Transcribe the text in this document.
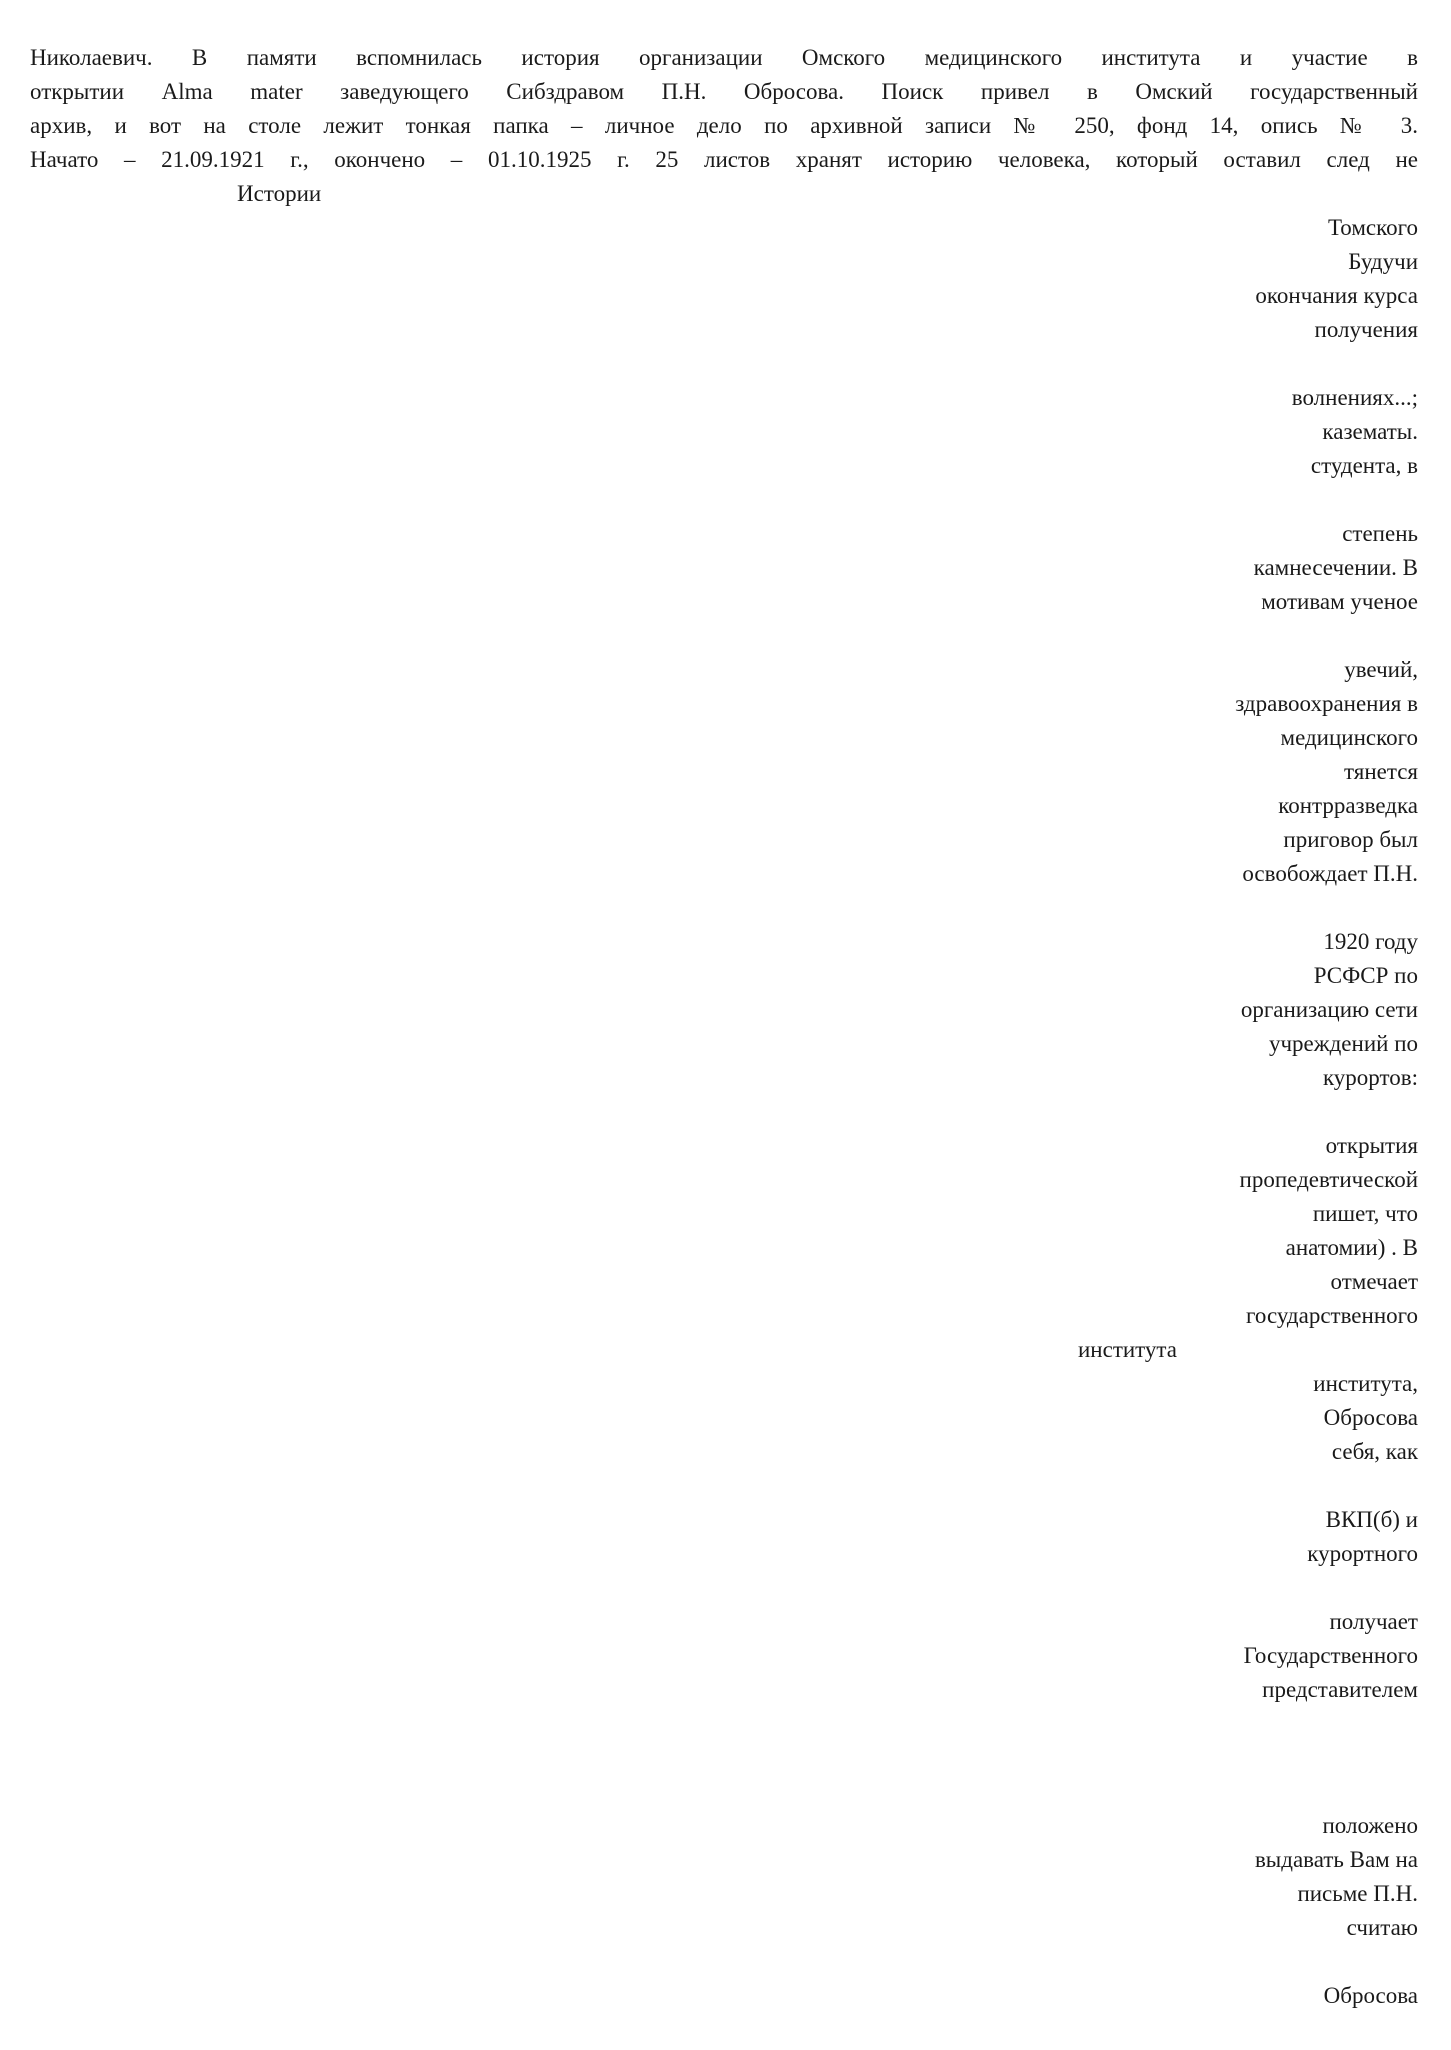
Николаевич. В памяти вспомнилась история организации Омского медицинского института и участие в
открытии Alma mater заведующего Сибздравом П.Н. Обросова. Поиск привел в Омский государственный
архив, и вот на столе лежит тонкая папка – личное дело по архивной записи № 250, фонд 14, опись № 3.
Начато – 21.09.1921 г., окончено – 01.10.1925 г. 25 листов хранят историю человека, который оставил след не

Истории

Томского

Будучи

окончания курса

получения

волнениях...;

казематы.

студента, в

степень

камнесечении. В

мотивам ученое

увечий,

здравоохранения в

медицинского

тянется

контрразведка

приговор был

освобождает П.Н.

1920 году

РСФСР по

организацию сети

учреждений по

курортов:

открытия

пропедевтической

пишет, что

анатомии) . В

отмечает

государственного

института

института,

Обросова

себя, как

ВКП(б) и

курортного

получает

Государственного

представителем

положено

выдавать Вам на

письме П.Н.

считаю

Обросова
